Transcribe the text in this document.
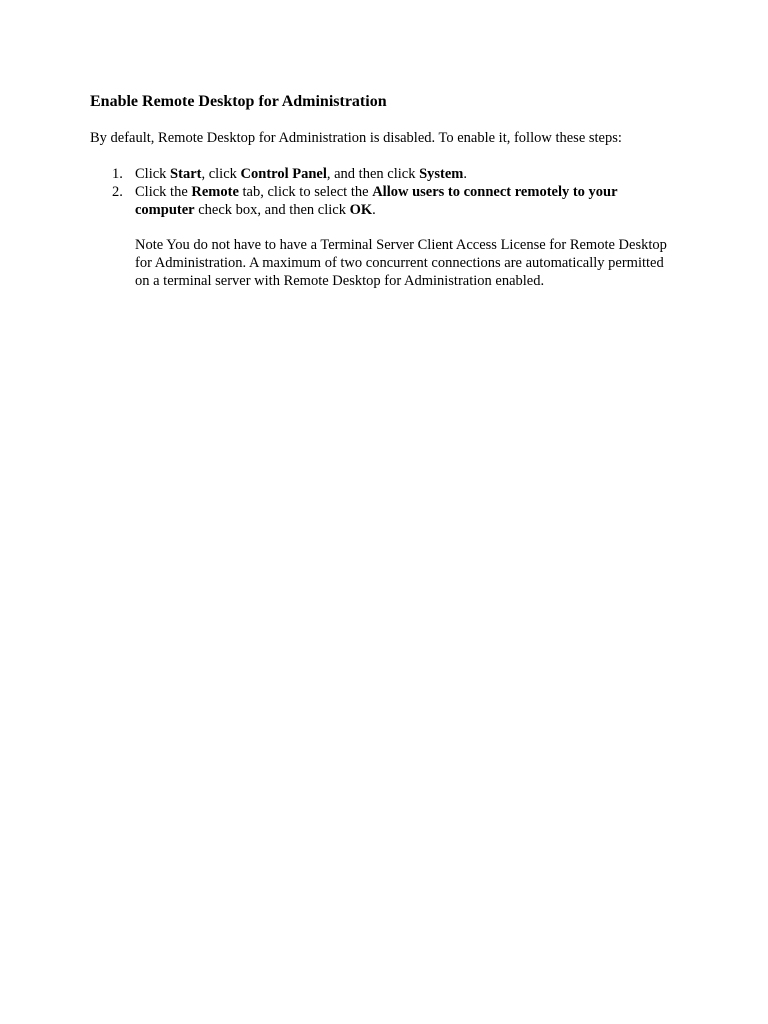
Enable Remote Desktop for Administration

By default, Remote Desktop for Administration is disabled. To enable it, follow these steps:

1. Click Start, click Control Panel, and then click System.
2. Click the Remote tab, click to select the Allow users to connect remotely to your computer check box, and then click OK.

Note You do not have to have a Terminal Server Client Access License for Remote Desktop for Administration. A maximum of two concurrent connections are automatically permitted on a terminal server with Remote Desktop for Administration enabled.
